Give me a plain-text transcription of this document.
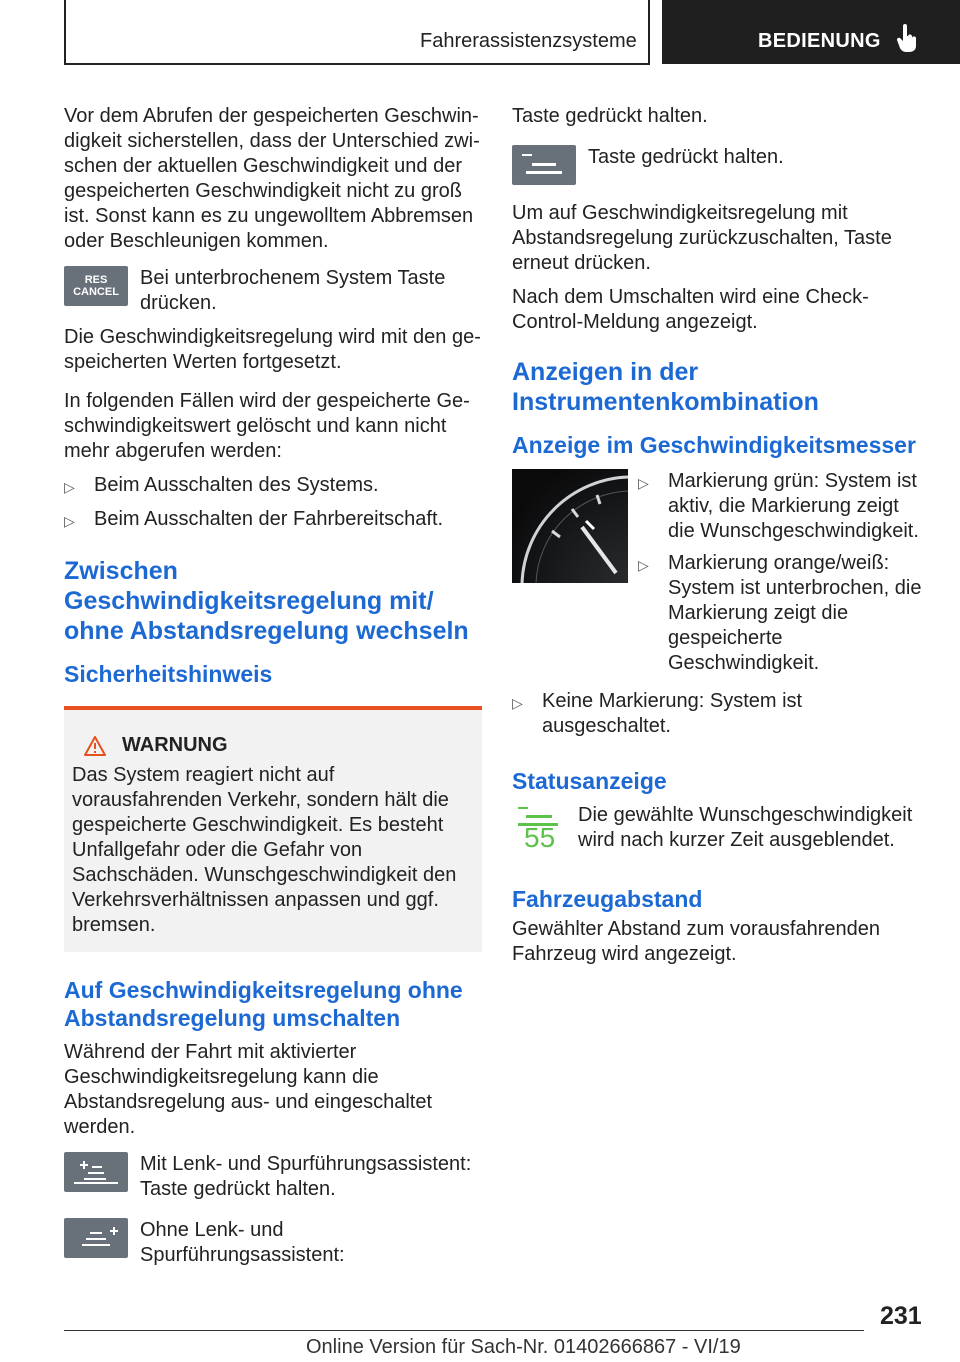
Fahrerassistenzsysteme	BEDIENUNG

Vor dem Abrufen der gespeicherten Geschwindigkeit sicherstellen, dass der Unterschied zwischen der aktuellen Geschwindigkeit und der gespeicherten Geschwindigkeit nicht zu groß ist. Sonst kann es zu ungewolltem Abbremsen oder Beschleunigen kommen.

RES
CANCEL
Bei unterbrochenem System Taste drücken.

Die Geschwindigkeitsregelung wird mit den gespeicherten Werten fortgesetzt.

In folgenden Fällen wird der gespeicherte Geschwindigkeitswert gelöscht und kann nicht mehr abgerufen werden:

▷ Beim Ausschalten des Systems.
▷ Beim Ausschalten der Fahrbereitschaft.
Zwischen Geschwindigkeitsregelung mit/ ohne Abstandsregelung wechseln
Sicherheitshinweis
WARNUNG
Das System reagiert nicht auf vorausfahrenden Verkehr, sondern hält die gespeicherte Geschwindigkeit. Es besteht Unfallgefahr oder die Gefahr von Sachschäden. Wunschgeschwindigkeit den Verkehrsverhältnissen anpassen und ggf. bremsen.
Auf Geschwindigkeitsregelung ohne Abstandsregelung umschalten

Während der Fahrt mit aktivierter Geschwindigkeitsregelung kann die Abstandsregelung aus- und eingeschaltet werden.

Mit Lenk- und Spurführungsassistent: Taste gedrückt halten.
Ohne Lenk- und Spurführungsassistent:

Taste gedrückt halten.

Taste gedrückt halten.

Um auf Geschwindigkeitsregelung mit Abstandsregelung zurückzuschalten, Taste erneut drücken.

Nach dem Umschalten wird eine Check-Control-Meldung angezeigt.

Anzeigen in der Instrumentenkombination
Anzeige im Geschwindigkeitsmesser
▷ Markierung grün: System ist aktiv, die Markierung zeigt die Wunschgeschwindigkeit.
▷ Markierung orange/weiß: System ist unterbrochen, die Markierung zeigt die gespeicherte Geschwindigkeit.
▷ Keine Markierung: System ist ausgeschaltet.
Statusanzeige
55
Die gewählte Wunschgeschwindigkeit wird nach kurzer Zeit ausgeblendet.
Fahrzeugabstand

Gewählter Abstand zum vorausfahrenden Fahrzeug wird angezeigt.

231
Online Version für Sach-Nr. 01402666867 - VI/19
